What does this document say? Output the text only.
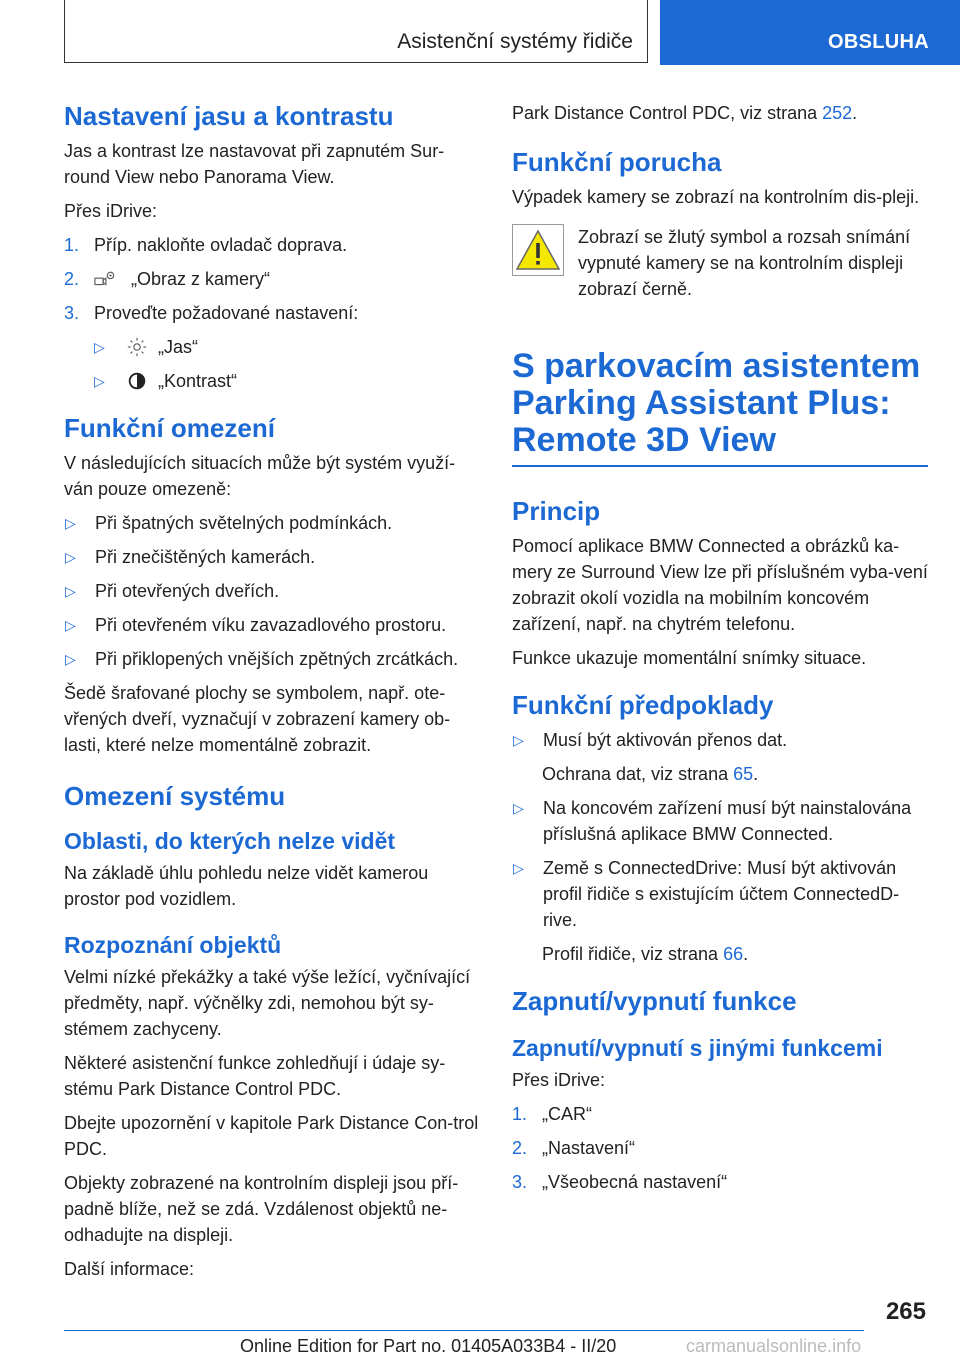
Asistenční systémy řidiče	OBSLUHA
Nastavení jasu a kontrastu

Jas a kontrast lze nastavovat při zapnutém Sur-round View nebo Panorama View.

Přes iDrive:

1. Příp. nakloňte ovladač doprava.
2.	„Obraz z kamery“
3. Proveďte požadované nastavení:
▷	„Jas“
▷	„Kontrast“
Funkční omezení

V následujících situacích může být systém využí-ván pouze omezeně:

▷	Při špatných světelných podmínkách.
▷	Při znečištěných kamerách.
▷	Při otevřených dveřích.
▷	Při otevřeném víku zavazadlového prostoru.
▷	Při přiklopených vnějších zpětných zrcátkách.

Šedě šrafované plochy se symbolem, např. ote-vřených dveří, vyznačují v zobrazení kamery ob-lasti, které nelze momentálně zobrazit.

Omezení systému
Oblasti, do kterých nelze vidět

Na základě úhlu pohledu nelze vidět kamerou prostor pod vozidlem.

Rozpoznání objektů

Velmi nízké překážky a také výše ležící, vyčnívající předměty, např. výčnělky zdi, nemohou být sy-stémem zachyceny.

Některé asistenční funkce zohledňují i údaje sy-stému Park Distance Control PDC.

Dbejte upozornění v kapitole Park Distance Con-trol PDC.

Objekty zobrazené na kontrolním displeji jsou pří-padně blíže, než se zdá. Vzdálenost objektů ne-odhadujte na displeji.

Další informace:

Park Distance Control PDC, viz strana 252.

Funkční porucha

Výpadek kamery se zobrazí na kontrolním dis-pleji.

Zobrazí se žlutý symbol a rozsah snímání vypnuté kamery se na kontrolním displeji zobrazí černě.

S parkovacím asistentem Parking Assistant Plus: Remote 3D View
Princip

Pomocí aplikace BMW Connected a obrázků ka-mery ze Surround View lze při příslušném vyba-vení zobrazit okolí vozidla na mobilním koncovém zařízení, např. na chytrém telefonu.

Funkce ukazuje momentální snímky situace.

Funkční předpoklady
▷	Musí být aktivován přenos dat.

Ochrana dat, viz strana 65.

▷	Na koncovém zařízení musí být nainstalována příslušná aplikace BMW Connected.
▷	Země s ConnectedDrive: Musí být aktivován profil řidiče s existujícím účtem ConnectedD-rive.

Profil řidiče, viz strana 66.

Zapnutí/vypnutí funkce
Zapnutí/vypnutí s jinými funkcemi

Přes iDrive:

1. „CAR“
2. „Nastavení“
3. „Všeobecná nastavení“
265
Online Edition for Part no. 01405A033B4 - II/20	carmanualsonline.info
